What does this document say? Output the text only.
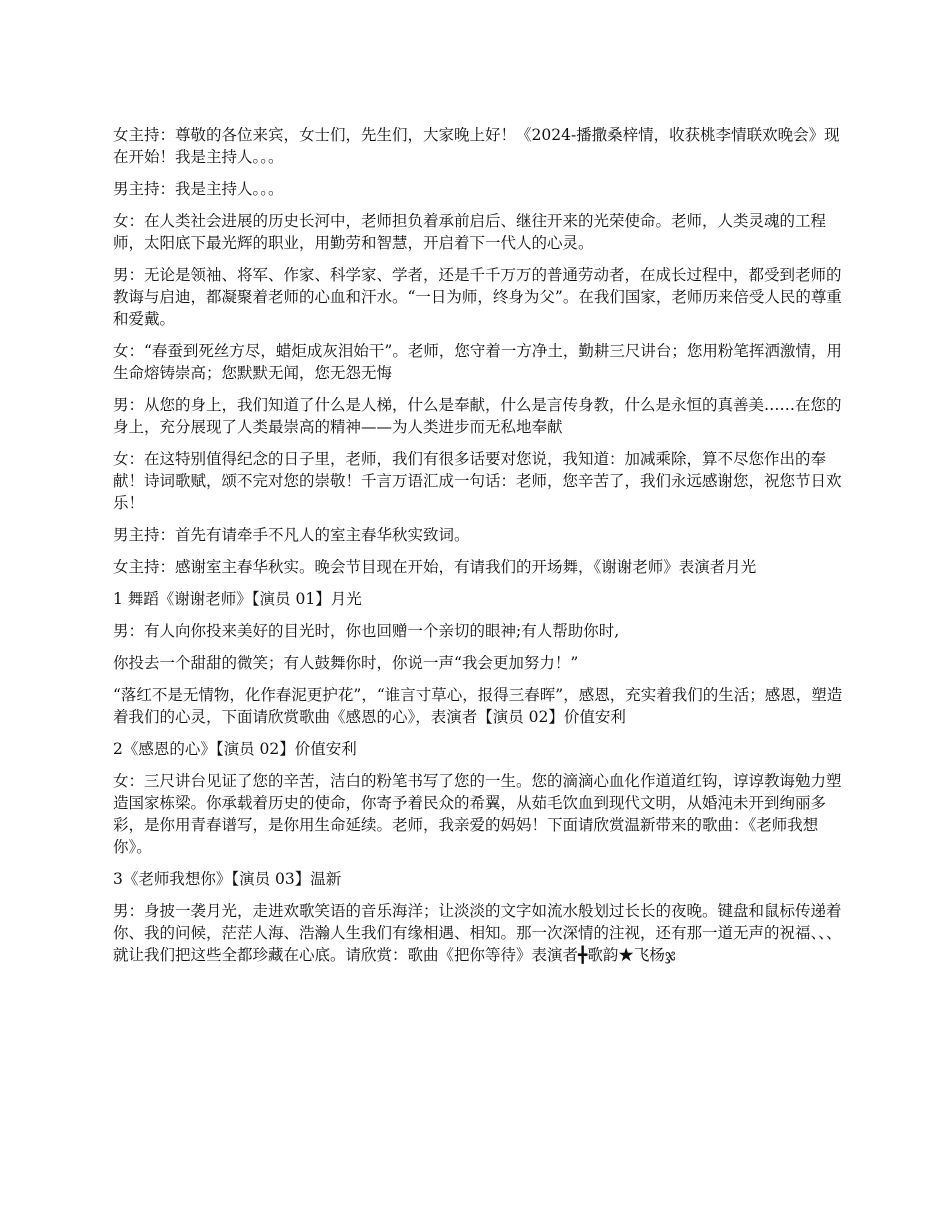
女主持：尊敬的各位来宾，女士们，先生们，大家晚上好！《2024-播撒桑梓情，收获桃李情联欢晚会》现在开始！我是主持人。。。

男主持：我是主持人。。。

女：在人类社会进展的历史长河中，老师担负着承前启后、继往开来的光荣使命。老师，人类灵魂的工程师，太阳底下最光辉的职业，用勤劳和智慧，开启着下一代人的心灵。

男：无论是领袖、将军、作家、科学家、学者，还是千千万万的普通劳动者，在成长过程中，都受到老师的教诲与启迪，都凝聚着老师的心血和汗水。“一日为师，终身为父”。在我们国家，老师历来倍受人民的尊重和爱戴。

女：“春蚕到死丝方尽，蜡炬成灰泪始干”。老师，您守着一方净土，勤耕三尺讲台；您用粉笔挥洒激情，用生命熔铸崇高；您默默无闻，您无怨无悔

男：从您的身上，我们知道了什么是人梯，什么是奉献，什么是言传身教，什么是永恒的真善美……在您的身上，充分展现了人类最崇高的精神——为人类进步而无私地奉献

女：在这特别值得纪念的日子里，老师，我们有很多话要对您说，我知道：加减乘除，算不尽您作出的奉献！诗词歌赋，颂不完对您的崇敬！千言万语汇成一句话：老师，您辛苦了，我们永远感谢您，祝您节日欢乐！

男主持：首先有请牵手不凡人的室主春华秋实致词。

女主持：感谢室主春华秋实。晚会节目现在开始，有请我们的开场舞，《谢谢老师》表演者月光

1 舞蹈《谢谢老师》【演员 01】月光

男：有人向你投来美好的目光时，你也回赠一个亲切的眼神;有人帮助你时,

你投去一个甜甜的微笑；有人鼓舞你时，你说一声“我会更加努力！”

“落红不是无情物，化作春泥更护花”，“谁言寸草心，报得三春晖”，感恩，充实着我们的生活；感恩，塑造着我们的心灵，下面请欣赏歌曲《感恩的心》，表演者【演员 02】价值安利

2《感恩的心》【演员 02】价值安利

女：三尺讲台见证了您的辛苦，洁白的粉笔书写了您的一生。您的滴滴心血化作道道红钩，谆谆教诲勉力塑造国家栋梁。你承载着历史的使命，你寄予着民众的希翼，从茹毛饮血到现代文明，从婚沌未开到绚丽多彩，是你用青春谱写，是你用生命延续。老师，我亲爱的妈妈！下面请欣赏温新带来的歌曲：《老师我想你》。

3《老师我想你》【演员 03】温新

男：身披一袭月光，走进欢歌笑语的音乐海洋；让淡淡的文字如流水般划过长长的夜晚。键盘和鼠标传递着你、我的问候，茫茫人海、浩瀚人生我们有缘相遇、相知。那一次深情的注视，还有那一道无声的祝福、、、就让我们把这些全都珍藏在心底。请欣赏：歌曲《把你等待》表演者╋歌韵★飞杨ჯ
